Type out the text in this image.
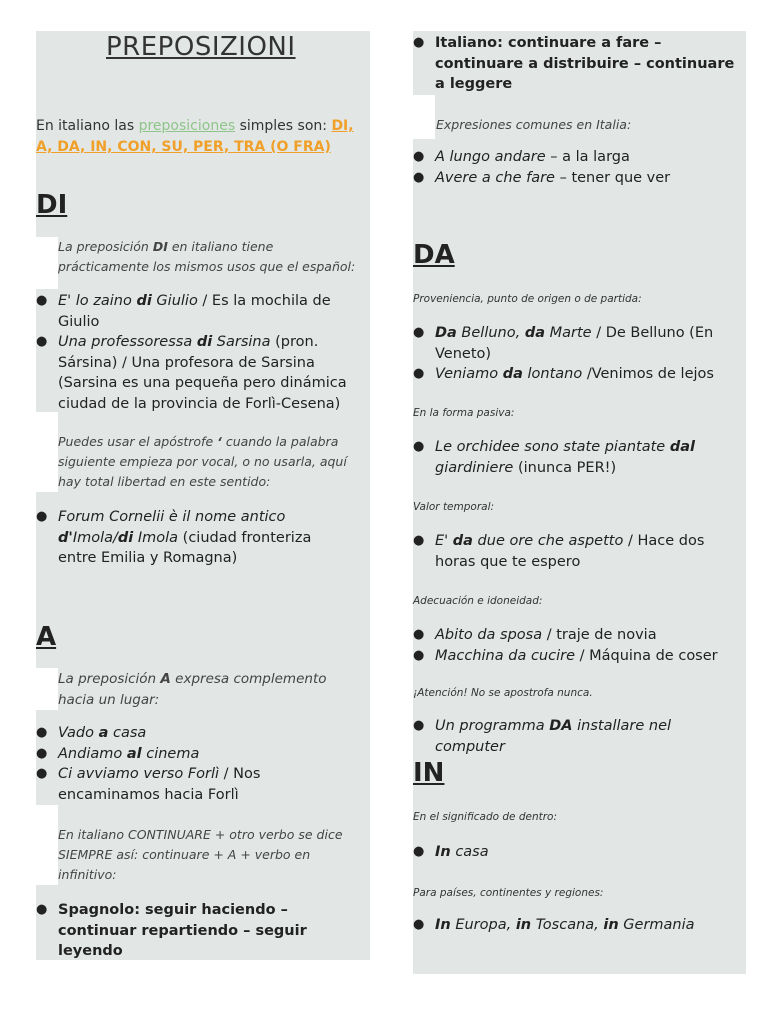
PREPOSIZIONI
En italiano las preposiciones simples son: DI, A, DA, IN, CON, SU, PER, TRA (O FRA)
DI
La preposición DI en italiano tiene prácticamente los mismos usos que el español:
● E' lo zaino di Giulio / Es la mochila de Giulio
● Una professoressa di Sarsina (pron. Sársina) / Una profesora de Sarsina (Sarsina es una pequeña pero dinámica ciudad de la provincia de Forlì-Cesena)
Puedes usar el apóstrofe ‘ cuando la palabra siguiente empieza por vocal, o no usarla, aquí hay total libertad en este sentido:
● Forum Cornelii è il nome antico d'Imola/di Imola (ciudad fronteriza entre Emilia y Romagna)
A
La preposición A expresa complemento hacia un lugar:
● Vado a casa
● Andiamo al cinema
● Ci avviamo verso Forlì / Nos encaminamos hacia Forlì
En italiano CONTINUARE + otro verbo se dice SIEMPRE así: continuare + A + verbo en infinitivo:
● Spagnolo: seguir haciendo – continuar repartiendo – seguir leyendo
● Italiano: continuare a fare – continuare a distribuire – continuare a leggere
Expresiones comunes en Italia:
● A lungo andare – a la larga
● Avere a che fare – tener que ver
DA
Proveniencia, punto de origen o de partida:
● Da Belluno, da Marte / De Belluno (En Veneto)
● Veniamo da lontano /Venimos de lejos
En la forma pasiva:
● Le orchidee sono state piantate dal giardiniere (inunca PER!)
Valor temporal:
● E' da due ore che aspetto / Hace dos horas que te espero
Adecuación e idoneidad:
● Abito da sposa / traje de novia
● Macchina da cucire / Máquina de coser
¡Atención! No se apostrofa nunca.
● Un programma DA installare nel computer
IN
En el significado de dentro:
● In casa
Para países, continentes y regiones:
● In Europa, in Toscana, in Germania
